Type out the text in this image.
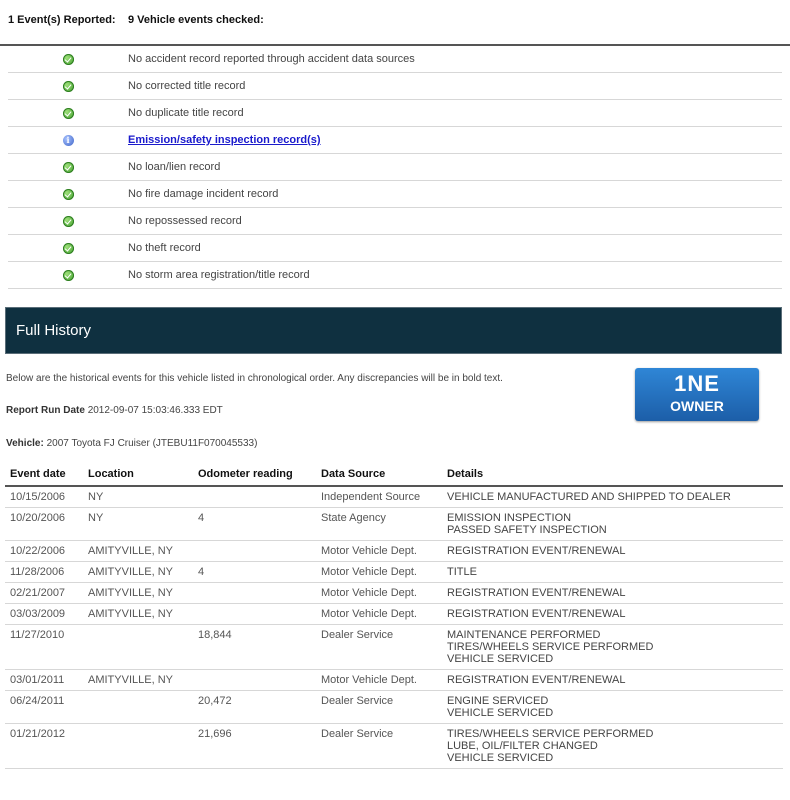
1 Event(s) Reported:	9 Vehicle events checked:
No accident record reported through accident data sources
No corrected title record
No duplicate title record
i	Emission/safety inspection record(s)
No loan/lien record
No fire damage incident record
No repossessed record
No theft record
No storm area registration/title record
Full History

Below are the historical events for this vehicle listed in chronological order. Any discrepancies will be in bold text.

Report Run Date 2012-09-07 15:03:46.333 EDT

Vehicle: 2007 Toyota FJ Cruiser (JTEBU11F070045533)

1NE
OWNER
Event date	Location	Odometer reading	Data Source	Details
10/15/2006	NY		Independent Source	VEHICLE MANUFACTURED AND SHIPPED TO DEALER

10/20/2006	NY	4	State Agency	EMISSION INSPECTION
PASSED SAFETY INSPECTION

10/22/2006	AMITYVILLE, NY		Motor Vehicle Dept.	REGISTRATION EVENT/RENEWAL

11/28/2006	AMITYVILLE, NY	4	Motor Vehicle Dept.	TITLE

02/21/2007	AMITYVILLE, NY		Motor Vehicle Dept.	REGISTRATION EVENT/RENEWAL

03/03/2009	AMITYVILLE, NY		Motor Vehicle Dept.	REGISTRATION EVENT/RENEWAL

11/27/2010		18,844	Dealer Service	MAINTENANCE PERFORMED
TIRES/WHEELS SERVICE PERFORMED
VEHICLE SERVICED

03/01/2011	AMITYVILLE, NY		Motor Vehicle Dept.	REGISTRATION EVENT/RENEWAL

06/24/2011		20,472	Dealer Service	ENGINE SERVICED
VEHICLE SERVICED

01/21/2012		21,696	Dealer Service	TIRES/WHEELS SERVICE PERFORMED
LUBE, OIL/FILTER CHANGED
VEHICLE SERVICED
